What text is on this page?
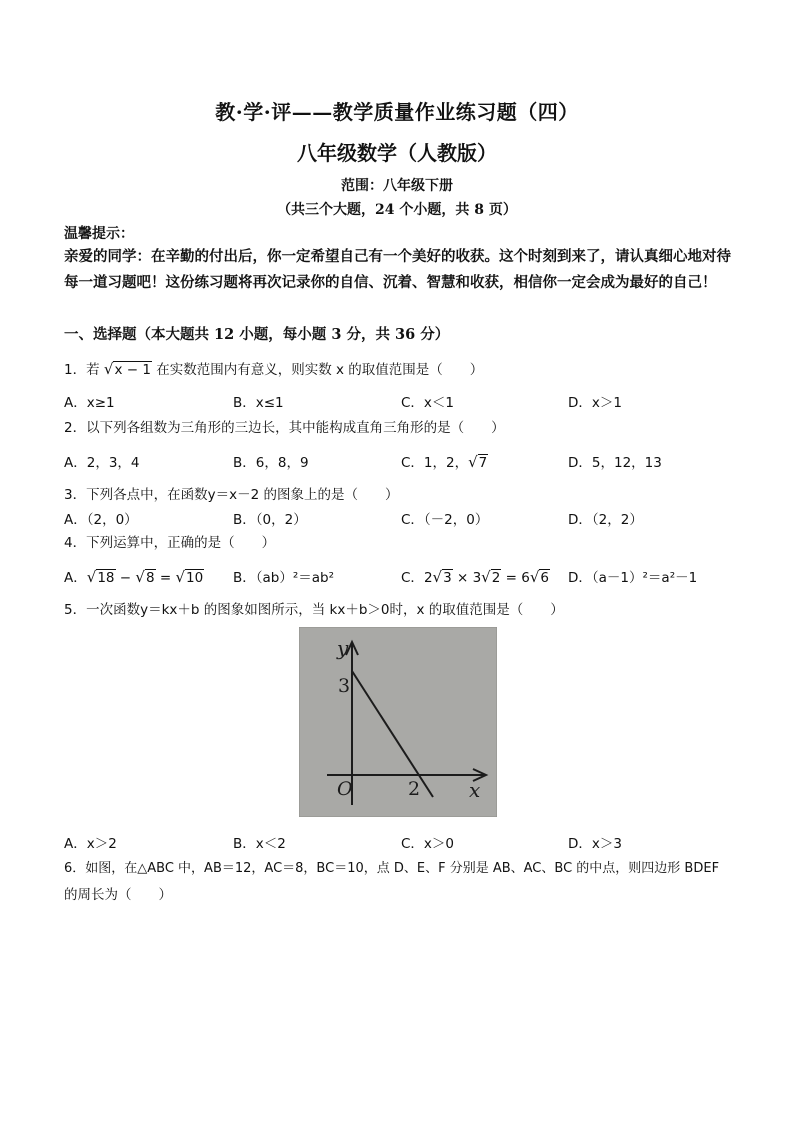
教·学·评——教学质量作业练习题（四）
八年级数学（人教版）
范围：八年级下册
（共三个大题，24 个小题，共 8 页）
温馨提示：
亲爱的同学：在辛勤的付出后，你一定希望自己有一个美好的收获。这个时刻到来了，请认真细心地对待每一道习题吧！这份练习题将再次记录你的自信、沉着、智慧和收获，相信你一定会成为最好的自己！
一、选择题（本大题共 12 小题，每小题 3 分，共 36 分）
1．若 √x − 1 在实数范围内有意义，则实数 x 的取值范围是（　　）
A．x≥1	B．x≤1	C．x＜1	D．x＞1
2．以下列各组数为三角形的三边长，其中能构成直角三角形的是（　　）
A．2，3，4	B．6，8，9	C．1，2，√7	D．5，12，13
3．下列各点中，在函数y＝x－2 的图象上的是（　　）
A．（2，0）	B．（0，2）	C．（－2，0）	D．（2，2）
4．下列运算中，正确的是（　　）
A．√18 − √8 = √10 B．（ab）²＝ab²	C．2√3 × 3√2 = 6√6 D．（a－1）²＝a²－1
5．一次函数y＝kx＋b 的图象如图所示，当 kx＋b＞0时，x 的取值范围是（　　）
y
x
O
3
2
A．x＞2	B．x＜2	C．x＞0	D．x＞3
6．如图，在△ABC 中，AB＝12，AC＝8，BC＝10，点 D、E、F 分别是 AB、AC、BC 的中点，则四边形 BDEF
的周长为（　　）
